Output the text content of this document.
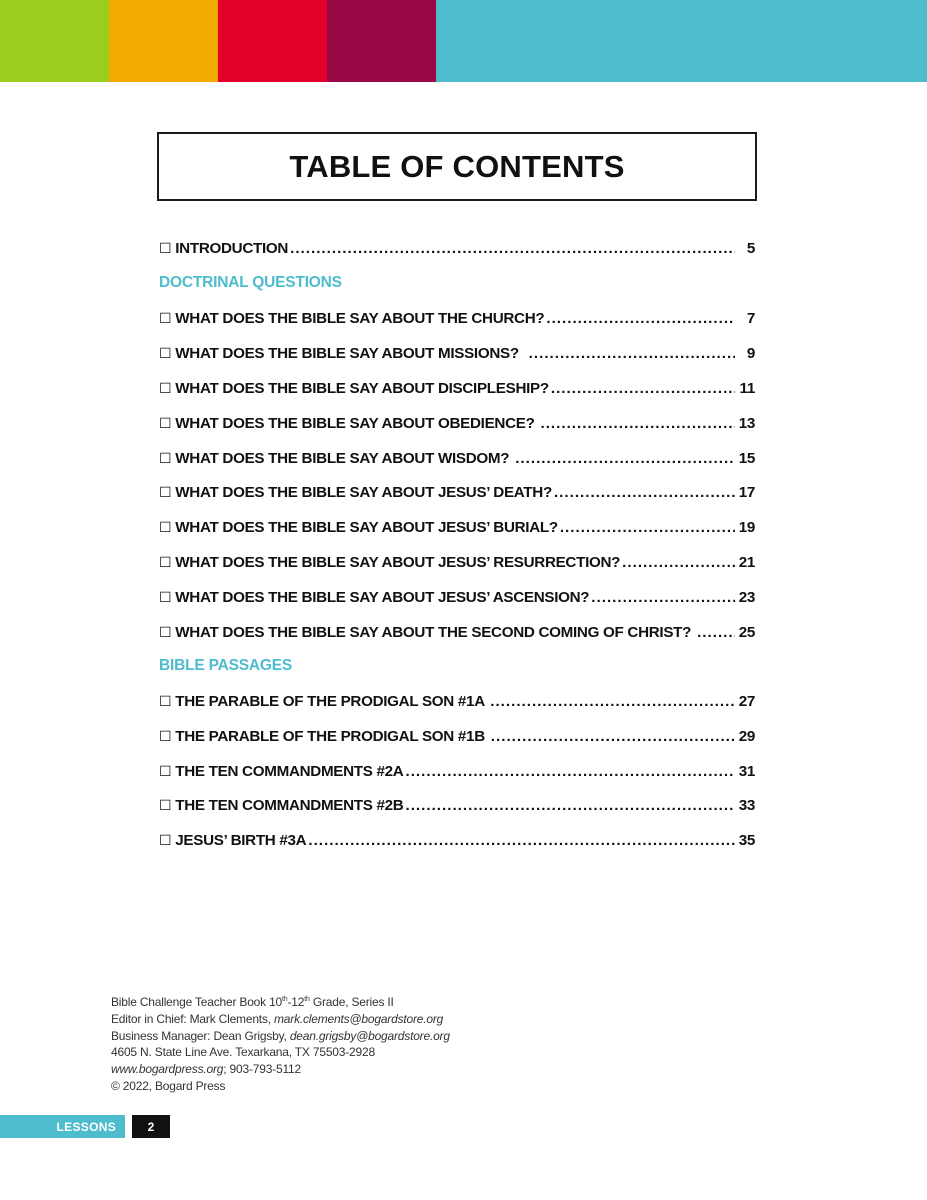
TABLE OF CONTENTS
☐ INTRODUCTION .....	5
DOCTRINAL QUESTIONS
☐ WHAT DOES THE BIBLE SAY ABOUT THE CHURCH? .....	7
☐ WHAT DOES THE BIBLE SAY ABOUT MISSIONS? .....	9
☐ WHAT DOES THE BIBLE SAY ABOUT DISCIPLESHIP? .....	11
☐ WHAT DOES THE BIBLE SAY ABOUT OBEDIENCE? .....	13
☐ WHAT DOES THE BIBLE SAY ABOUT WISDOM? .....	15
☐ WHAT DOES THE BIBLE SAY ABOUT JESUS’ DEATH? .....	17
☐ WHAT DOES THE BIBLE SAY ABOUT JESUS’ BURIAL? .....	19
☐ WHAT DOES THE BIBLE SAY ABOUT JESUS’ RESURRECTION? .....	21
☐ WHAT DOES THE BIBLE SAY ABOUT JESUS’ ASCENSION? .....	23
☐ WHAT DOES THE BIBLE SAY ABOUT THE SECOND COMING OF CHRIST? .....	25
BIBLE PASSAGES
☐ THE PARABLE OF THE PRODIGAL SON #1A .....	27
☐ THE PARABLE OF THE PRODIGAL SON #1B .....	29
☐ THE TEN COMMANDMENTS #2A .....	31
☐ THE TEN COMMANDMENTS #2B .....	33
☐ JESUS’ BIRTH #3A .....	35
Bible Challenge Teacher Book 10th-12th Grade, Series II
Editor in Chief: Mark Clements, mark.clements@bogardstore.org
Business Manager: Dean Grigsby, dean.grigsby@bogardstore.org
4605 N. State Line Ave. Texarkana, TX 75503-2928
www.bogardpress.org; 903-793-5112
© 2022, Bogard Press
LESSONS	2
